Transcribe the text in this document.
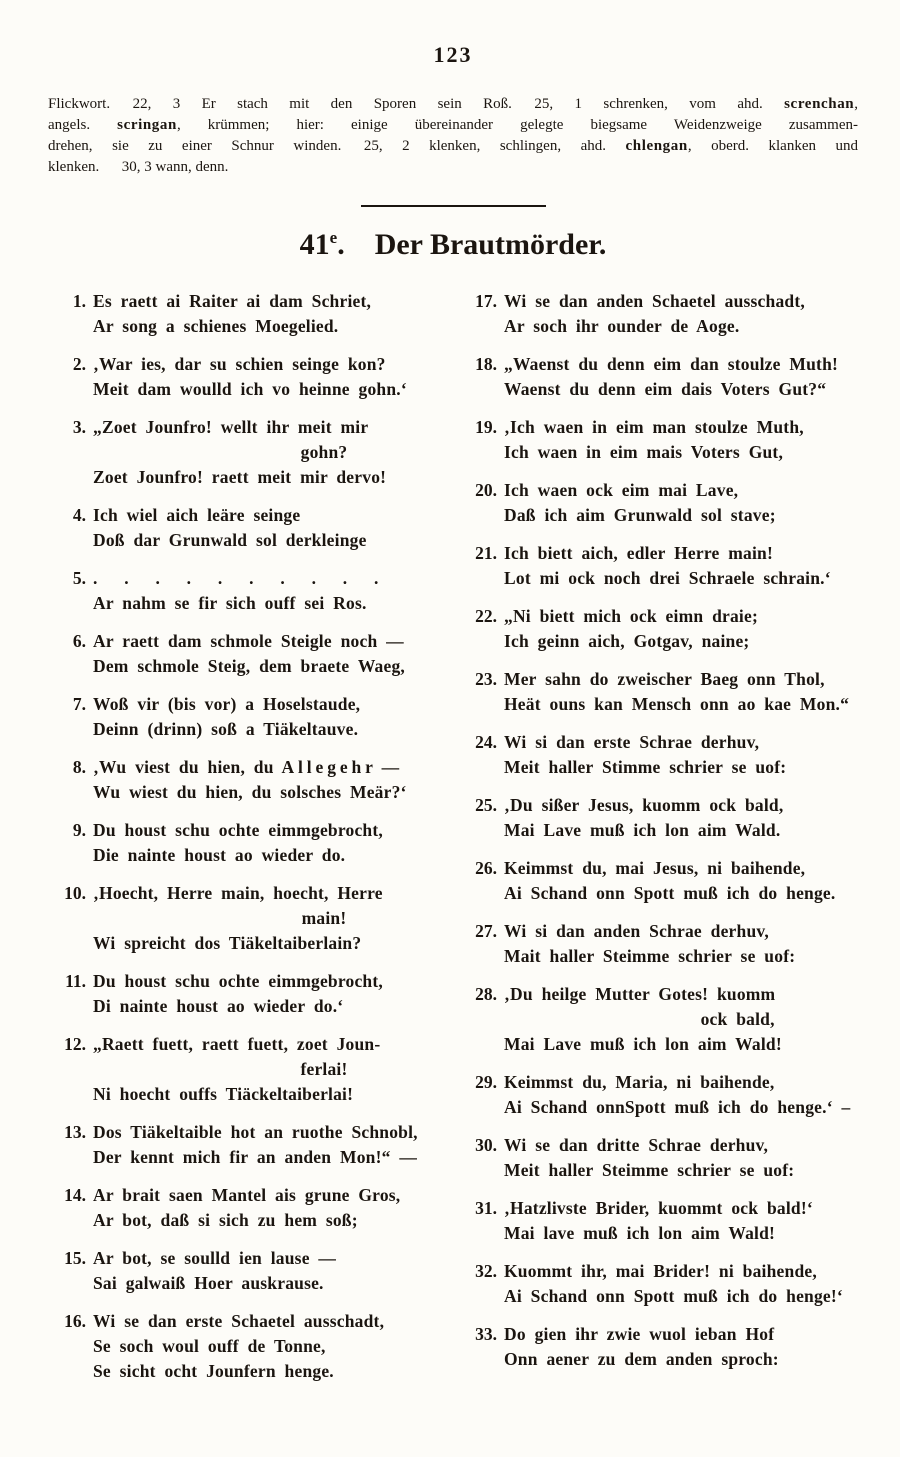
123
Flickwort.  22, 3 Er stach mit den Sporen sein Roß.  25, 1 schrenken, vom ahd. screnchan,
angels. scringan, krümmen; hier: einige übereinander gelegte biegsame Weidenzweige zusammen-
drehen, sie zu einer Schnur winden.  25, 2 klenken, schlingen, ahd. chlengan, oberd. klanken und
klenken.  30, 3 wann, denn.
41e.  Der Brautmörder.
1. Es raett ai Raiter ai dam Schriet,
Ar song a schienes Moegelied.
2. ‚War ies, dar su schien seinge kon?
Meit dam woulld ich vo heinne gohn.‘
3. „Zoet Jounfro! wellt ihr meit mir
gohn?
Zoet Jounfro! raett meit mir dervo!
4. Ich wiel aich leäre seinge
Doß dar Grunwald sol derkleinge
5. .  .  .  .  .  .  .  .  .  .
Ar nahm se fir sich ouff sei Ros.
6. Ar raett dam schmole Steigle noch —
Dem schmole Steig, dem braete Waeg,
7. Woß vir (bis vor) a Hoselstaude,
Deinn (drinn) soß a Tiäkeltauve.
8. ‚Wu viest du hien, du A l l e g e h r —
Wu wiest du hien, du solsches Meär?‘
9. Du houst schu ochte eimmgebrocht,
Die nainte houst ao wieder do.
10. ‚Hoecht, Herre main, hoecht, Herre
main!
Wi spreicht dos Tiäkeltaiberlain?
11. Du houst schu ochte eimmgebrocht,
Di nainte houst ao wieder do.‘
12. „Raett fuett, raett fuett, zoet Joun-
ferlai!
Ni hoecht ouffs Tiäckeltaiberlai!
13. Dos Tiäkeltaible hot an ruothe Schnobl,
Der kennt mich fir an anden Mon!“ —
14. Ar brait saen Mantel ais grune Gros,
Ar bot, daß si sich zu hem soß;
15. Ar bot, se soulld ien lause —
Sai galwaiß Hoer auskrause.
16. Wi se dan erste Schaetel ausschadt,
Se soch woul ouff de Tonne,
Se sicht ocht Jounfern henge.
17. Wi se dan anden Schaetel ausschadt,
Ar soch ihr ounder de Aoge.
18. „Waenst du denn eim dan stoulze Muth!
Waenst du denn eim dais Voters Gut?“
19. ‚Ich waen in eim man stoulze Muth,
Ich waen in eim mais Voters Gut,
20. Ich waen ock eim mai Lave,
Daß ich aim Grunwald sol stave;
21. Ich biett aich, edler Herre main!
Lot mi ock noch drei Schraele schrain.‘
22. „Ni biett mich ock eimn draie;
Ich geinn aich, Gotgav, naine;
23. Mer sahn do zweischer Baeg onn Thol,
Heät ouns kan Mensch onn ao kae Mon.“
24. Wi si dan erste Schrae derhuv,
Meit haller Stimme schrier se uof:
25. ‚Du sißer Jesus, kuomm ock bald,
Mai Lave muß ich lon aim Wald.
26. Keimmst du, mai Jesus, ni baihende,
Ai Schand onn Spott muß ich do henge.
27. Wi si dan anden Schrae derhuv,
Mait haller Steimme schrier se uof:
28. ‚Du heilge Mutter Gotes! kuomm
ock bald,
Mai Lave muß ich lon aim Wald!
29. Keimmst du, Maria, ni baihende,
Ai Schand onnSpott muß ich do henge.‘ –
30. Wi se dan dritte Schrae derhuv,
Meit haller Steimme schrier se uof:
31. ‚Hatzlivste Brider, kuommt ock bald!‘
Mai lave muß ich lon aim Wald!
32. Kuommt ihr, mai Brider! ni baihende,
Ai Schand onn Spott muß ich do henge!‘
33. Do gien ihr zwie wuol ieban Hof
Onn aener zu dem anden sproch:
